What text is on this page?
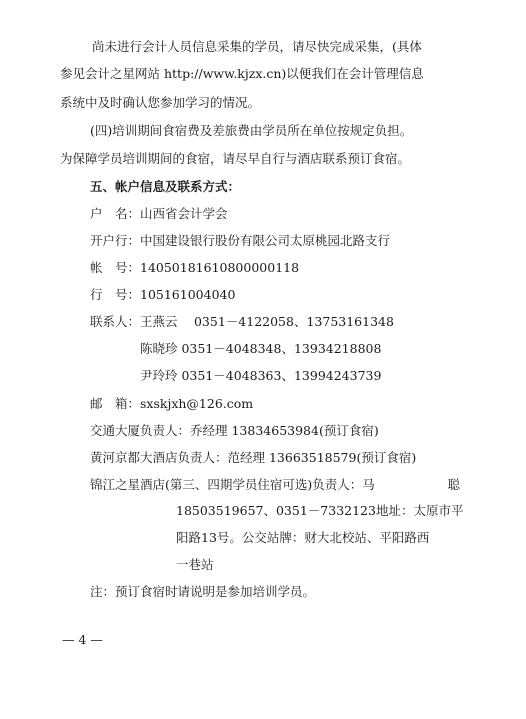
尚未进行会计人员信息采集的学员，请尽快完成采集，(具体
参见会计之星网站 http://www.kjzx.cn)以便我们在会计管理信息
系统中及时确认您参加学习的情况。
(四)培训期间食宿费及差旅费由学员所在单位按规定负担。
为保障学员培训期间的食宿，请尽早自行与酒店联系预订食宿。
五、帐户信息及联系方式：
户　名：山西省会计学会
开户行：中国建设银行股份有限公司太原桃园北路支行
帐　号：14050181610800000118
行　号：105161004040
联系人：王燕云　 0351－4122058、13753161348
陈晓珍 0351－4048348、13934218808
尹玲玲 0351－4048363、13994243739
邮　箱：sxskjxh@126.com
交通大厦负责人：乔经理 13834653984(预订食宿)
黄河京都大酒店负责人：范经理 13663518579(预订食宿)
锦江之星酒店(第三、四期学员住宿可选)负责人：马	聪
18503519657、0351－7332123 地址：太原市平
阳路13号。公交站牌：财大北校站、平阳路西
一巷站
注：预订食宿时请说明是参加培训学员。
— 4 —
